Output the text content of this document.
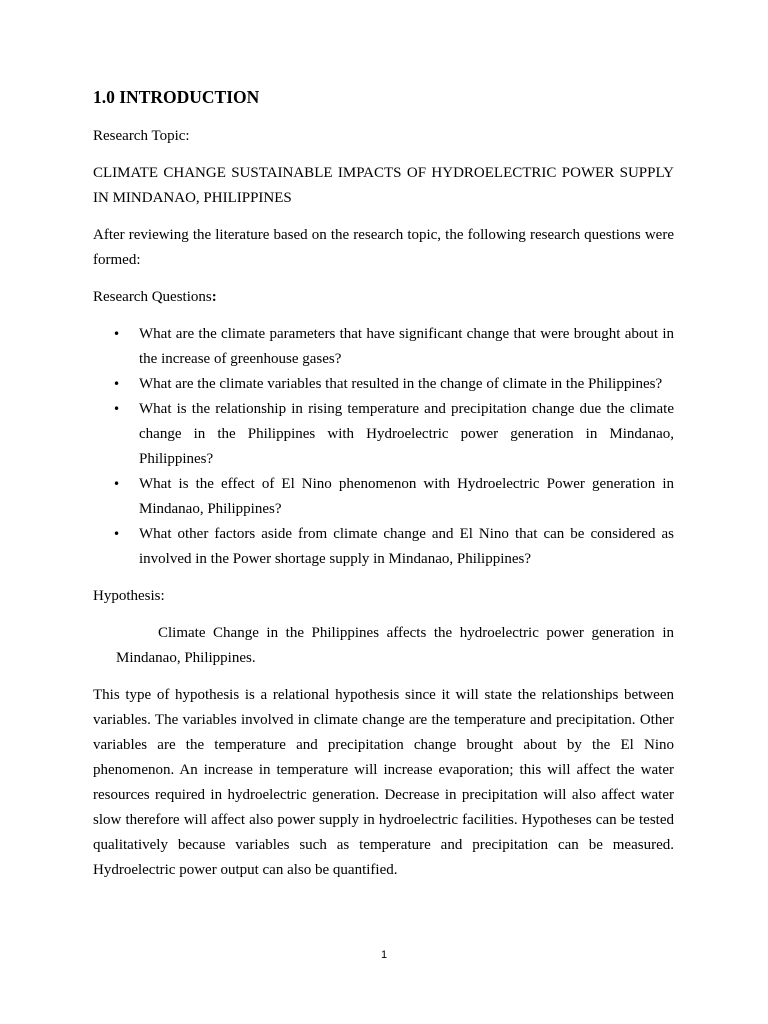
1.0 INTRODUCTION

Research Topic:

CLIMATE CHANGE SUSTAINABLE IMPACTS OF HYDROELECTRIC POWER SUPPLY IN MINDANAO, PHILIPPINES

After reviewing the literature based on the research topic, the following research questions were formed:

Research Questions:

•	What are the climate parameters that have significant change that were brought about in the increase of greenhouse gases?
•	What are the climate variables that resulted in the change of climate in the Philippines?
•	What is the relationship in rising temperature and precipitation change due the climate change in the Philippines with Hydroelectric power generation in Mindanao, Philippines?
•	What is the effect of El Nino phenomenon with Hydroelectric Power generation in Mindanao, Philippines?
•	What other factors aside from climate change and El Nino that can be considered as involved in the Power shortage supply in Mindanao, Philippines?

Hypothesis:

Climate Change in the Philippines affects the hydroelectric power generation in Mindanao, Philippines.

This type of hypothesis is a relational hypothesis since it will state the relationships between variables. The variables involved in climate change are the temperature and precipitation. Other variables are the temperature and precipitation change brought about by the El Nino phenomenon. An increase in temperature will increase evaporation; this will affect the water resources required in hydroelectric generation. Decrease in precipitation will also affect water slow therefore will affect also power supply in hydroelectric facilities. Hypotheses can be tested qualitatively because variables such as temperature and precipitation can be measured. Hydroelectric power output can also be quantified.

1
